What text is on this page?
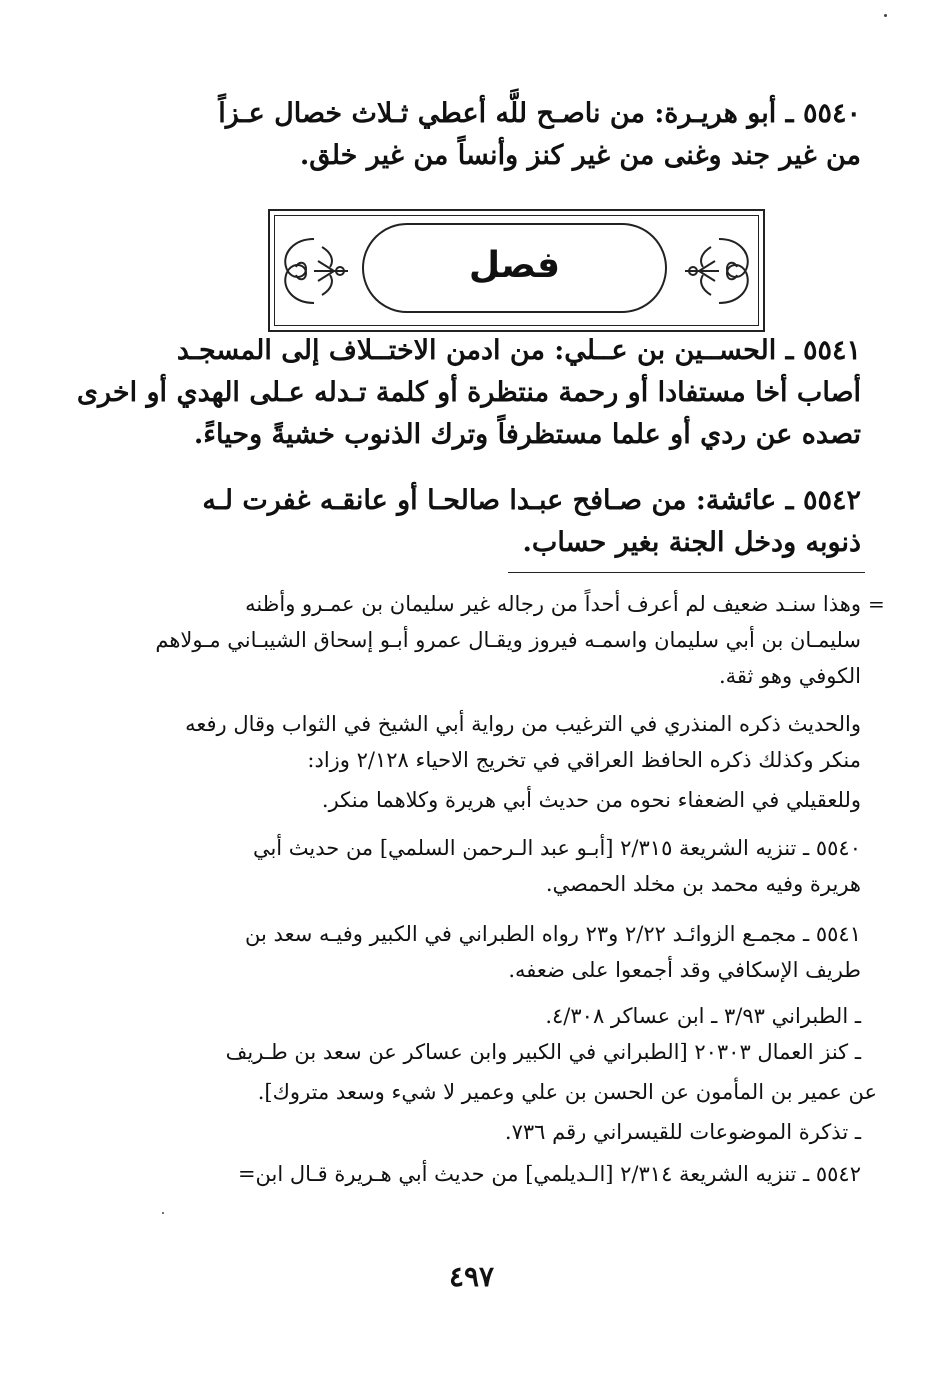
٥٥٤٠ ـ أبو هريـرة: من ناصـح للَّه أعطي ثـلاث خصال عـزاً
من غير جند وغنى من غير كنز وأنساً من غير خلق.
فصل
٥٥٤١ ـ الحســين بن عــلي: من ادمن الاختــلاف إلى المسجـد
أصاب أخا مستفادا أو رحمة منتظرة أو كلمة تـدله عـلى الهدي أو اخرى
تصده عن ردي أو علما مستظرفاً وترك الذنوب خشيةً وحياءً.
٥٥٤٢ ـ عائشة: من صـافح عبـدا صالحـا أو عانقـه غفرت لـه
ذنوبه ودخل الجنة بغير حساب.
=
وهذا سنـد ضعيف لم أعرف أحداً من رجاله غير سليمان بن عمـرو وأظنه
سليمـان بن أبي سليمان واسمـه فيروز ويقـال عمرو أبـو إسحاق الشيبـاني مـولاهم
الكوفي وهو ثقة.
والحديث ذكره المنذري في الترغيب من رواية أبي الشيخ في الثواب وقال رفعه
منكر وكذلك ذكره الحافظ العراقي في تخريج الاحياء ٢/١٢٨ وزاد:
وللعقيلي في الضعفاء نحوه من حديث أبي هريرة وكلاهما منكر.
٥٥٤٠ ـ تنزيه الشريعة ٢/٣١٥ [أبـو عبد الـرحمن السلمي] من حديث أبي
هريرة وفيه محمد بن مخلد الحمصي.
٥٥٤١ ـ مجمـع الزوائـد ٢/٢٢ و٢٣ رواه الطبراني في الكبير وفيـه سعد بن
طريف الإسكافي وقد أجمعوا على ضعفه.
ـ الطبراني ٣/٩٣ ـ ابن عساكر ٤/٣٠٨.
ـ كنز العمال ٢٠٣٠٣ [الطبراني في الكبير وابن عساكر عن سعد بن طـريف
عن عمير بن المأمون عن الحسن بن علي وعمير لا شيء وسعد متروك].
ـ تذكرة الموضوعات للقيسراني رقم ٧٣٦.
٥٥٤٢ ـ تنزيه الشريعة ٢/٣١٤ [الـديلمي] من حديث أبي هـريرة قـال ابن=
٤٩٧
